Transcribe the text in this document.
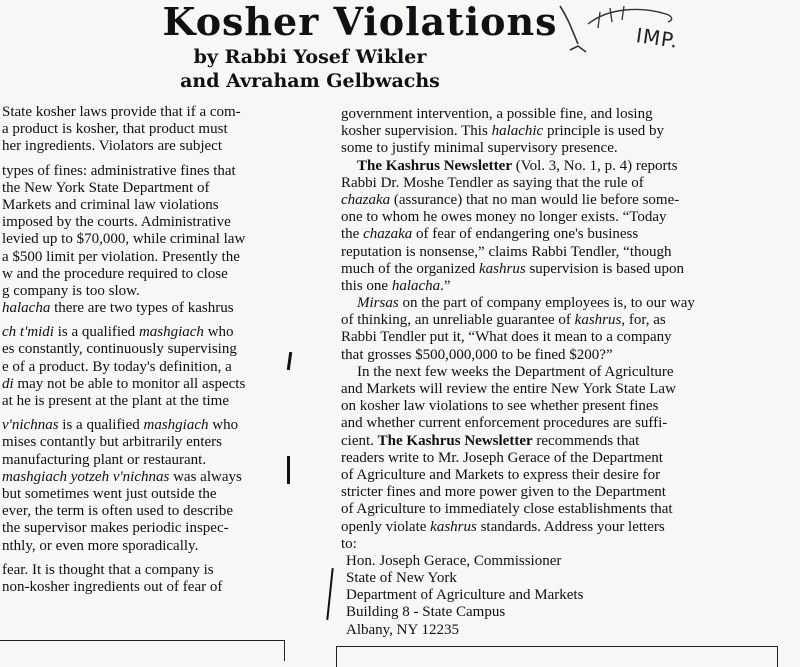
Kosher Violations
by Rabbi Yosef Wikler
and Avraham Gelbwachs
IMP.
State kosher laws provide that if a com-
a product is kosher, that product must
her ingredients. Violators are subject
types of fines: administrative fines that
the New York State Department of
Markets and criminal law violations
imposed by the courts. Administrative
levied up to $70,000, while criminal law
a $500 limit per violation. Presently the
w and the procedure required to close
g company is too slow.
halacha there are two types of kashrus
ch t'midi is a qualified mashgiach who
es constantly, continuously supervising
e of a product. By today's definition, a
di may not be able to monitor all aspects
at he is present at the plant at the time
v'nichnas is a qualified mashgiach who
mises contantly but arbitrarily enters
manufacturing plant or restaurant.
mashgiach yotzeh v'nichnas was always
but sometimes went just outside the
ever, the term is often used to describe
the supervisor makes periodic inspec-
nthly, or even more sporadically.
fear. It is thought that a company is
non-kosher ingredients out of fear of
government intervention, a possible fine, and losing
kosher supervision. This halachic principle is used by
some to justify minimal supervisory presence.
The Kashrus Newsletter (Vol. 3, No. 1, p. 4) reports
Rabbi Dr. Moshe Tendler as saying that the rule of
chazaka (assurance) that no man would lie before some-
one to whom he owes money no longer exists. “Today
the chazaka of fear of endangering one's business
reputation is nonsense,” claims Rabbi Tendler, “though
much of the organized kashrus supervision is based upon
this one halacha.”
Mirsas on the part of company employees is, to our way
of thinking, an unreliable guarantee of kashrus, for, as
Rabbi Tendler put it, “What does it mean to a company
that grosses $500,000,000 to be fined $200?”
In the next few weeks the Department of Agriculture
and Markets will review the entire New York State Law
on kosher law violations to see whether present fines
and whether current enforcement procedures are suffi-
cient. The Kashrus Newsletter recommends that
readers write to Mr. Joseph Gerace of the Department
of Agriculture and Markets to express their desire for
stricter fines and more power given to the Department
of Agriculture to immediately close establishments that
openly violate kashrus standards. Address your letters
to:
Hon. Joseph Gerace, Commissioner
State of New York
Department of Agriculture and Markets
Building 8 - State Campus
Albany, NY 12235
